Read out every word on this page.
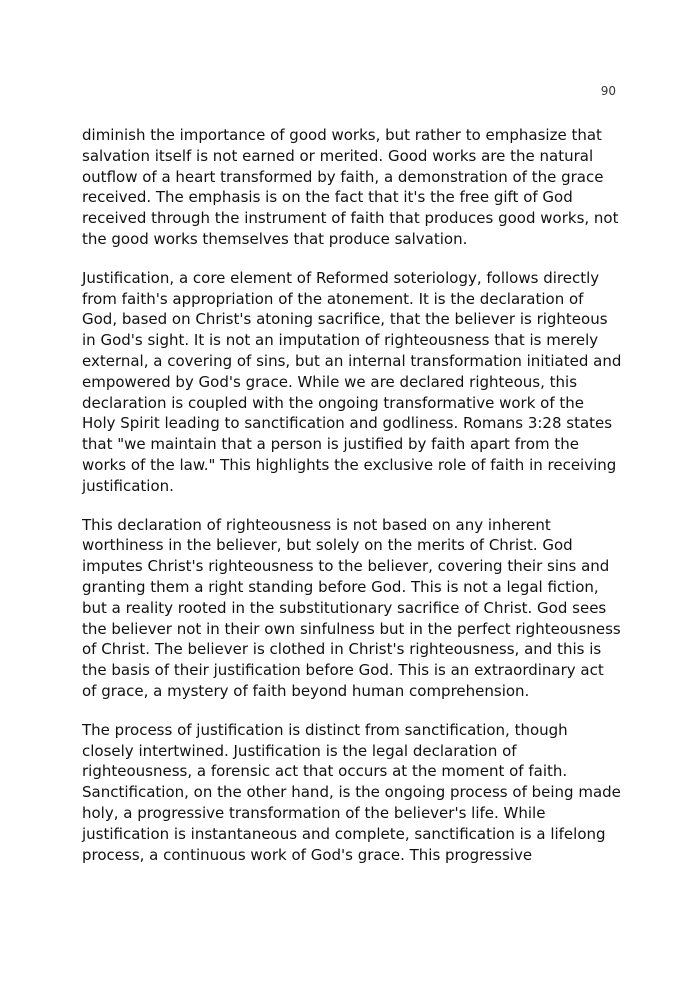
90

diminish the importance of good works, but rather to emphasize that salvation itself is not earned or merited. Good works are the natural outflow of a heart transformed by faith, a demonstration of the grace received. The emphasis is on the fact that it's the free gift of God received through the instrument of faith that produces good works, not the good works themselves that produce salvation.

Justification, a core element of Reformed soteriology, follows directly from faith's appropriation of the atonement. It is the declaration of God, based on Christ's atoning sacrifice, that the believer is righteous in God's sight. It is not an imputation of righteousness that is merely external, a covering of sins, but an internal transformation initiated and empowered by God's grace. While we are declared righteous, this declaration is coupled with the ongoing transformative work of the Holy Spirit leading to sanctification and godliness. Romans 3:28 states that "we maintain that a person is justified by faith apart from the works of the law." This highlights the exclusive role of faith in receiving justification.

This declaration of righteousness is not based on any inherent worthiness in the believer, but solely on the merits of Christ. God imputes Christ's righteousness to the believer, covering their sins and granting them a right standing before God. This is not a legal fiction, but a reality rooted in the substitutionary sacrifice of Christ. God sees the believer not in their own sinfulness but in the perfect righteousness of Christ. The believer is clothed in Christ's righteousness, and this is the basis of their justification before God. This is an extraordinary act of grace, a mystery of faith beyond human comprehension.

The process of justification is distinct from sanctification, though closely intertwined. Justification is the legal declaration of righteousness, a forensic act that occurs at the moment of faith. Sanctification, on the other hand, is the ongoing process of being made holy, a progressive transformation of the believer's life. While justification is instantaneous and complete, sanctification is a lifelong process, a continuous work of God's grace. This progressive
